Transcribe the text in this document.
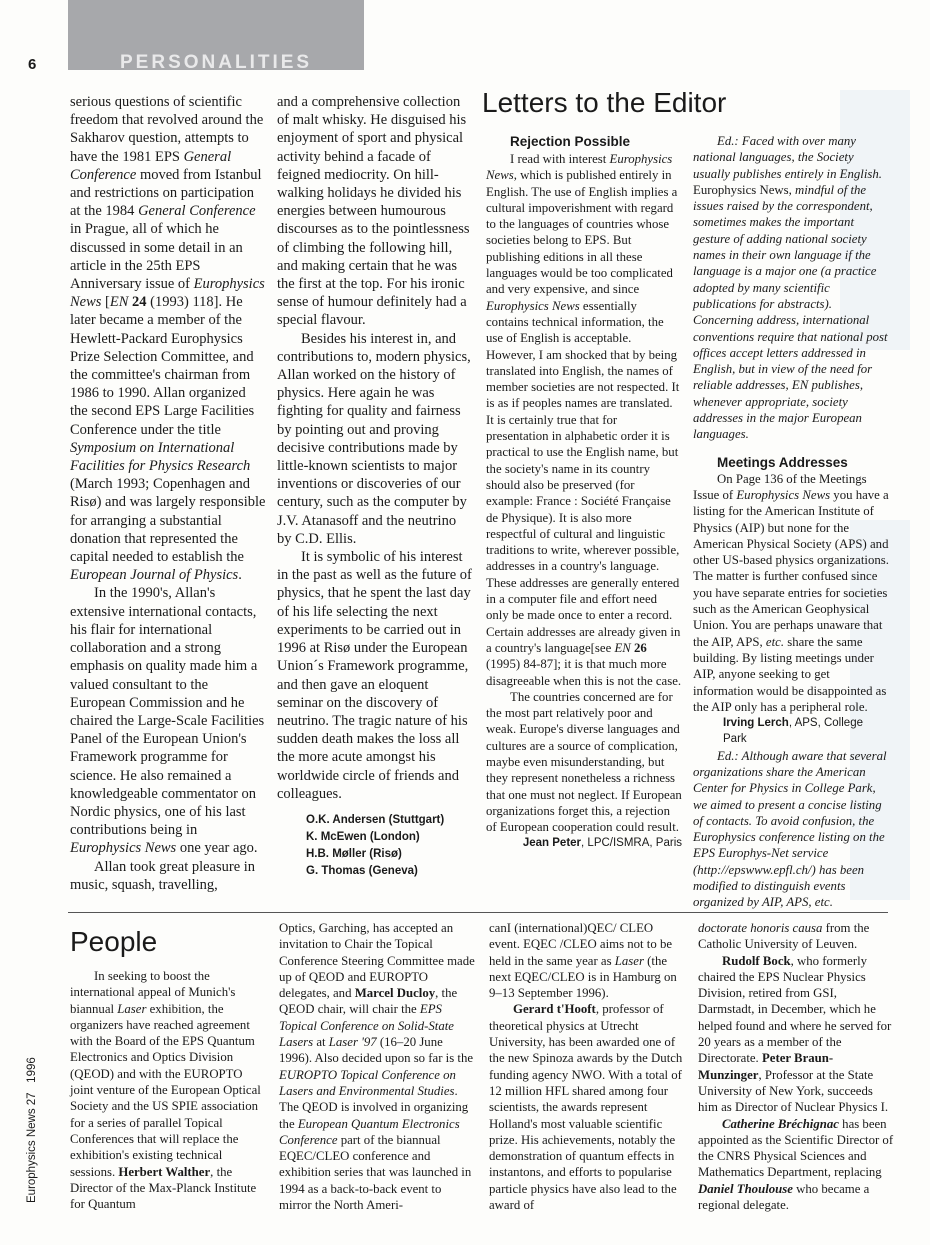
PERSONALITIES
6

serious questions of scientific freedom that revolved around the Sakharov question, attempts to have the 1981 EPS General Conference moved from Istanbul and restrictions on participation at the 1984 General Conference in Prague, all of which he discussed in some detail in an article in the 25th EPS Anniversary issue of Europhysics News [EN 24 (1993) 118]. He later became a member of the Hewlett-Packard Europhysics Prize Selection Committee, and the committee's chairman from 1986 to 1990. Allan organized the second EPS Large Facilities Conference under the title Symposium on International Facilities for Physics Research (March 1993; Copenhagen and Risø) and was largely responsible for arranging a substantial donation that represented the capital needed to establish the European Journal of Physics.

In the 1990's, Allan's extensive international contacts, his flair for international collaboration and a strong emphasis on quality made him a valued consultant to the European Commission and he chaired the Large-Scale Facilities Panel of the European Union's Framework programme for science. He also remained a knowledgeable commentator on Nordic physics, one of his last contributions being in Europhysics News one year ago.

Allan took great pleasure in music, squash, travelling,

and a comprehensive collection of malt whisky. He disguised his enjoyment of sport and physical activity behind a facade of feigned mediocrity. On hill-walking holidays he divided his energies between humourous discourses as to the pointlessness of climbing the following hill, and making certain that he was the first at the top. For his ironic sense of humour definitely had a special flavour.

Besides his interest in, and contributions to, modern physics, Allan worked on the history of physics. Here again he was fighting for quality and fairness by pointing out and proving decisive contributions made by little-known scientists to major inventions or discoveries of our century, such as the computer by J.V. Atanasoff and the neutrino by C.D. Ellis.

It is symbolic of his interest in the past as well as the future of physics, that he spent the last day of his life selecting the next experiments to be carried out in 1996 at Risø under the European Union´s Framework programme, and then gave an eloquent seminar on the discovery of neutrino. The tragic nature of his sudden death makes the loss all the more acute amongst his worldwide circle of friends and colleagues.

O.K. Andersen (Stuttgart)
K. McEwen (London)
H.B. Møller (Risø)
G. Thomas (Geneva)
Letters to the Editor
Rejection Possible

I read with interest Europhysics News, which is published entirely in English. The use of English implies a cultural impoverishment with regard to the languages of countries whose societies belong to EPS. But publishing editions in all these languages would be too complicated and very expensive, and since Europhysics News essentially contains technical information, the use of English is acceptable. However, I am shocked that by being translated into English, the names of member societies are not respected. It is as if peoples names are translated. It is certainly true that for presentation in alphabetic order it is practical to use the English name, but the society's name in its country should also be preserved (for example: France : Société Française de Physique). It is also more respectful of cultural and linguistic traditions to write, wherever possible, addresses in a country's language. These addresses are generally entered in a computer file and effort need only be made once to enter a record. Certain addresses are already given in a country's language[see EN 26 (1995) 84-87]; it is that much more disagreeable when this is not the case.

The countries concerned are for the most part relatively poor and weak. Europe's diverse languages and cultures are a source of complication, maybe even misunderstanding, but they represent nonetheless a richness that one must not neglect. If European organizations forget this, a rejection of European cooperation could result.

Jean Peter, LPC/ISMRA, Paris

Ed.: Faced with over many national languages, the Society usually publishes entirely in English. Europhysics News, mindful of the issues raised by the correspondent, sometimes makes the important gesture of adding national society names in their own language if the language is a major one (a practice adopted by many scientific publications for abstracts). Concerning address, international conventions require that national post offices accept letters addressed in English, but in view of the need for reliable addresses, EN publishes, whenever appropriate, society addresses in the major European languages.

Meetings Addresses

On Page 136 of the Meetings Issue of Europhysics News you have a listing for the American Institute of Physics (AIP) but none for the American Physical Society (APS) and other US-based physics organizations. The matter is further confused since you have separate entries for societies such as the American Geophysical Union. You are perhaps unaware that the AIP, APS, etc. share the same building. By listing meetings under AIP, anyone seeking to get information would be disappointed as the AIP only has a peripheral role.

Irving Lerch, APS, College Park

Ed.: Although aware that several organizations share the American Center for Physics in College Park, we aimed to present a concise listing of contacts. To avoid confusion, the Europhysics conference listing on the EPS Europhys-Net service (http://epswww.epfl.ch/) has been modified to distinguish events organized by AIP, APS, etc.

People

In seeking to boost the international appeal of Munich's biannual Laser exhibition, the organizers have reached agreement with the Board of the EPS Quantum Electronics and Optics Division (QEOD) and with the EUROPTO joint venture of the European Optical Society and the US SPIE association for a series of parallel Topical Conferences that will replace the exhibition's existing technical sessions. Herbert Walther, the Director of the Max-Planck Institute for Quantum

Optics, Garching, has accepted an invitation to Chair the Topical Conference Steering Committee made up of QEOD and EUROPTO delegates, and Marcel Ducloy, the QEOD chair, will chair the EPS Topical Conference on Solid-State Lasers at Laser '97 (16–20 June 1996). Also decided upon so far is the EUROPTO Topical Conference on Lasers and Environmental Studies. The QEOD is involved in organizing the European Quantum Electronics Conference part of the biannual EQEC/CLEO conference and exhibition series that was launched in 1994 as a back-to-back event to mirror the North Ameri-

canI (international)QEC/ CLEO event. EQEC /CLEO aims not to be held in the same year as Laser (the next EQEC/CLEO is in Hamburg on 9–13 September 1996).

Gerard t'Hooft, professor of theoretical physics at Utrecht University, has been awarded one of the new Spinoza awards by the Dutch funding agency NWO. With a total of 12 million HFL shared among four scientists, the awards represent Holland's most valuable scientific prize. His achievements, notably the demonstration of quantum effects in instantons, and efforts to popularise particle physics have also lead to the award of

doctorate honoris causa from the Catholic University of Leuven.

Rudolf Bock, who formerly chaired the EPS Nuclear Physics Division, retired from GSI, Darmstadt, in December, which he helped found and where he served for 20 years as a member of the Directorate. Peter Braun-Munzinger, Professor at the State University of New York, succeeds him as Director of Nuclear Physics I.

Catherine Bréchignac has been appointed as the Scientific Director of the CNRS Physical Sciences and Mathematics Department, replacing Daniel Thoulouse who became a regional delegate.

Europhysics News 27   1996
